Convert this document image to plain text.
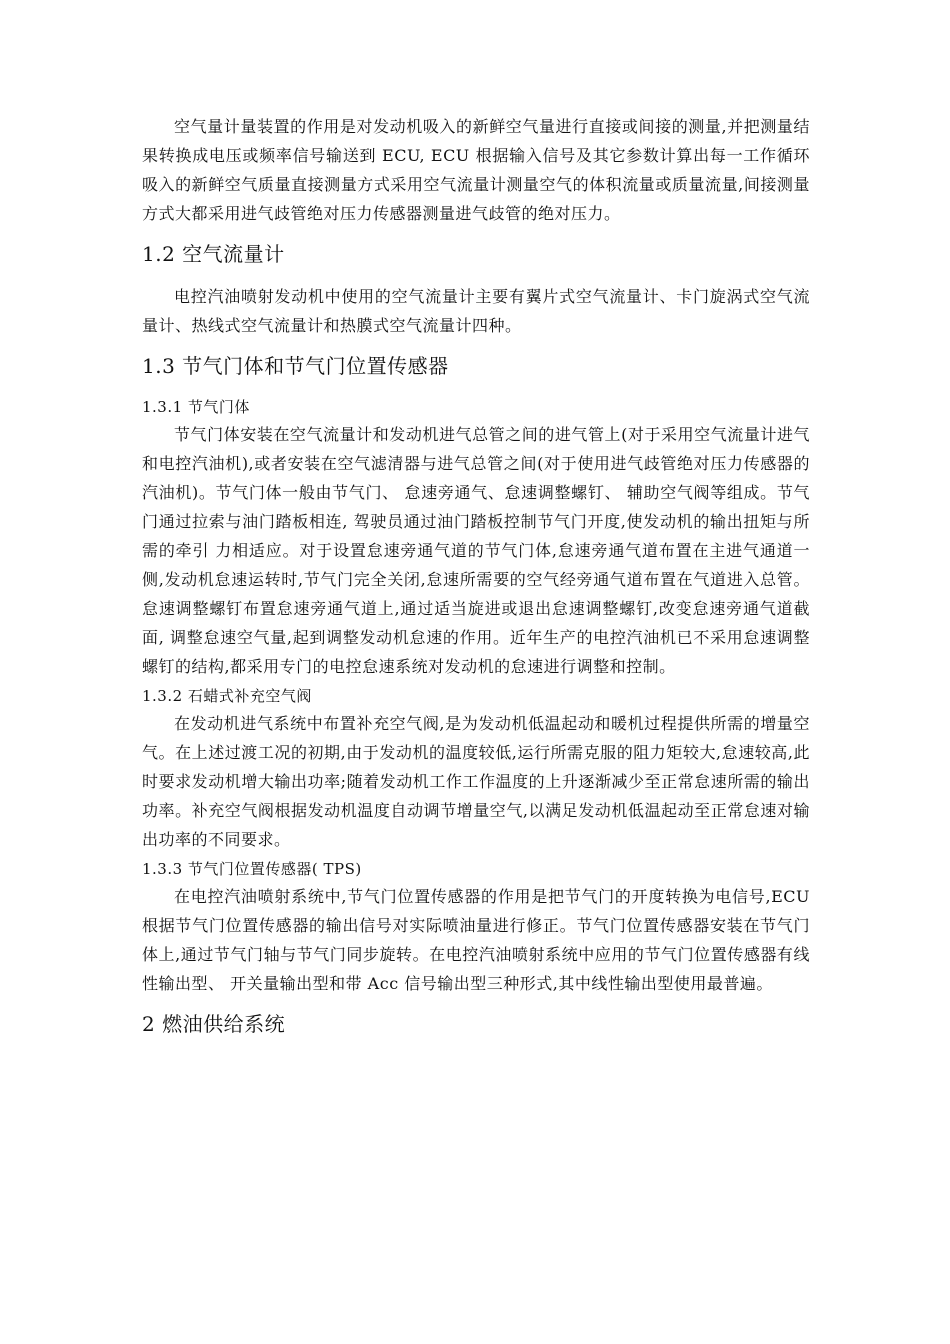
空气量计量装置的作用是对发动机吸入的新鲜空气量进行直接或间接的测量,并把测量结果转换成电压或频率信号输送到 ECU, ECU 根据输入信号及其它参数计算出每一工作循环吸入的新鲜空气质量直接测量方式采用空气流量计测量空气的体积流量或质量流量,间接测量方式大都采用进气歧管绝对压力传感器测量进气歧管的绝对压力。

1.2 空气流量计

电控汽油喷射发动机中使用的空气流量计主要有翼片式空气流量计、卡门旋涡式空气流量计、热线式空气流量计和热膜式空气流量计四种。

1.3 节气门体和节气门位置传感器
1.3.1 节气门体

节气门体安装在空气流量计和发动机进气总管之间的进气管上(对于采用空气流量计进气和电控汽油机),或者安装在空气滤清器与进气总管之间(对于使用进气歧管绝对压力传感器的汽油机)。节气门体一般由节气门、 怠速旁通气、怠速调整螺钉、 辅助空气阀等组成。节气门通过拉索与油门踏板相连, 驾驶员通过油门踏板控制节气门开度,使发动机的输出扭矩与所需的牵引 力相适应。对于设置怠速旁通气道的节气门体,怠速旁通气道布置在主进气通道一侧,发动机怠速运转时,节气门完全关闭,怠速所需要的空气经旁通气道布置在气道进入总管。怠速调整螺钉布置怠速旁通气道上,通过适当旋进或退出怠速调整螺钉,改变怠速旁通气道截面, 调整怠速空气量,起到调整发动机怠速的作用。近年生产的电控汽油机已不采用怠速调整螺钉的结构,都采用专门的电控怠速系统对发动机的怠速进行调整和控制。

1.3.2 石蜡式补充空气阀

在发动机进气系统中布置补充空气阀,是为发动机低温起动和暖机过程提供所需的增量空气。在上述过渡工况的初期,由于发动机的温度较低,运行所需克服的阻力矩较大,怠速较高,此时要求发动机增大输出功率;随着发动机工作工作温度的上升逐渐减少至正常怠速所需的输出功率。补充空气阀根据发动机温度自动调节增量空气,以满足发动机低温起动至正常怠速对输出功率的不同要求。

1.3.3 节气门位置传感器( TPS)

在电控汽油喷射系统中,节气门位置传感器的作用是把节气门的开度转换为电信号,ECU 根据节气门位置传感器的输出信号对实际喷油量进行修正。节气门位置传感器安装在节气门体上,通过节气门轴与节气门同步旋转。在电控汽油喷射系统中应用的节气门位置传感器有线性输出型、 开关量输出型和带 Acc 信号输出型三种形式,其中线性输出型使用最普遍。

2 燃油供给系统
